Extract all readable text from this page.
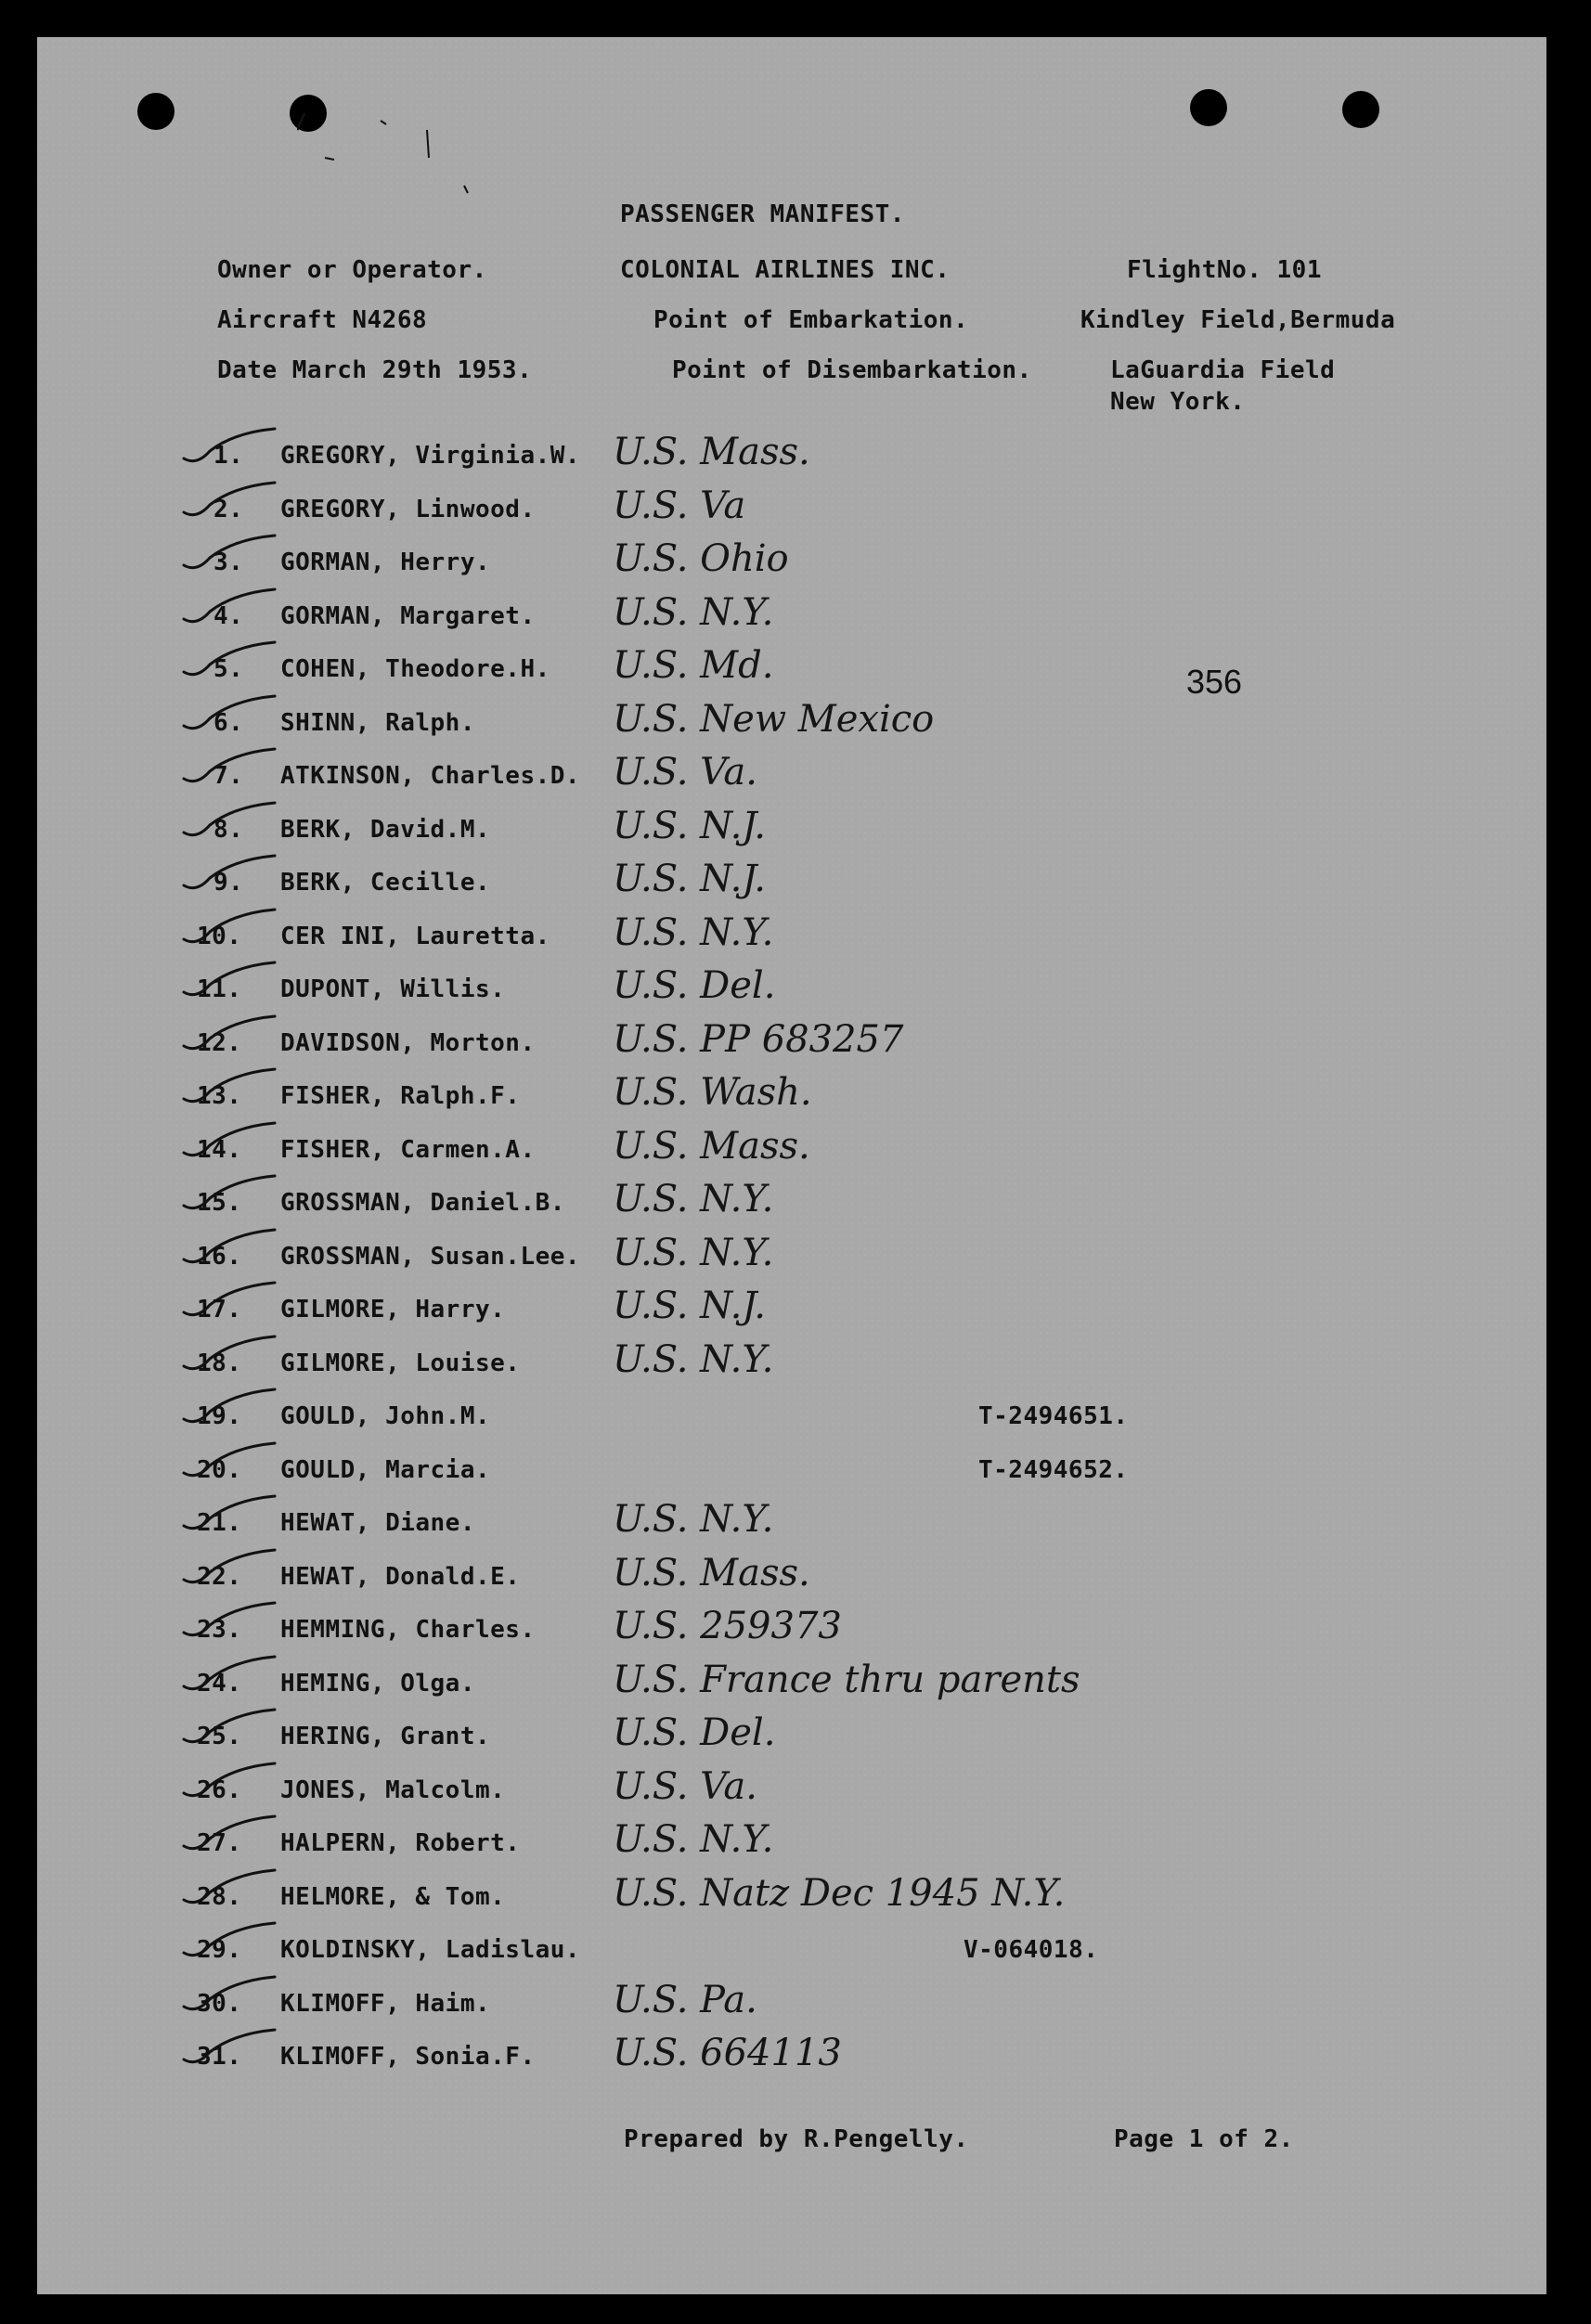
PASSENGER MANIFEST.
Owner or Operator.	COLONIAL AIRLINES INC.	FlightNo. 101
Aircraft N4268	Point of Embarkation.	Kindley Field,Bermuda
Date March 29th 1953.	Point of Disembarkation.	LaGuardia Field
New York.
356
1. GREGORY, Virginia.W. U.S. Mass.
2. GREGORY, Linwood. U.S. Va
3. GORMAN, Herry.	U.S. Ohio
4. GORMAN, Margaret. U.S. N.Y.
5. COHEN, Theodore.H. U.S. Md.
6. SHINN, Ralph.	U.S. New Mexico
7. ATKINSON, Charles.D. U.S. Va.
8. BERK, David.M.	U.S. N.J.
9. BERK, Cecille.	U.S. N.J.
10. CER INI, Lauretta. U.S. N.Y.
11. DUPONT, Willis.	U.S. Del.
12. DAVIDSON, Morton. U.S. PP 683257
13. FISHER, Ralph.F. U.S. Wash.
14. FISHER, Carmen.A. U.S. Mass.
15. GROSSMAN, Daniel.B. U.S. N.Y.
16. GROSSMAN, Susan.Lee. U.S. N.Y.
17. GILMORE, Harry.	U.S. N.J.
18. GILMORE, Louise. U.S. N.Y.
19. GOULD, John.M.	T-2494651.
20. GOULD, Marcia.	T-2494652.
21. HEWAT, Diane.	U.S. N.Y.
22. HEWAT, Donald.E. U.S. Mass.
23. HEMMING, Charles. U.S. 259373
24. HEMING, Olga.	U.S. France thru parents
25. HERING, Grant.	U.S. Del.
26. JONES, Malcolm.	U.S. Va.
27. HALPERN, Robert. U.S. N.Y.
28. HELMORE, & Tom.	U.S. Natz Dec 1945 N.Y.
29. KOLDINSKY, Ladislau.	V-064018.
30. KLIMOFF, Haim.	U.S. Pa.
31. KLIMOFF, Sonia.F. U.S. 664113
Prepared by R.Pengelly.	Page 1 of 2.
